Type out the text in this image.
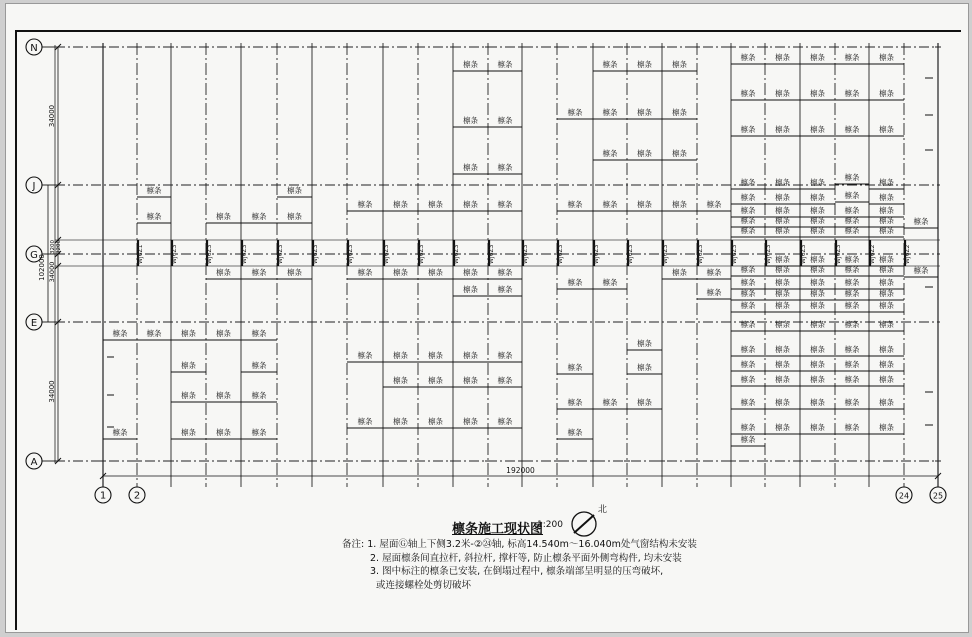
WJ6Z1	WJ6Z3	WJ6Z3	WJ6Z3	WJ6Z3	WJ6Z3	WJ6Z3	WJ6Z3	WJ6Z3	WJ6Z3	WJ6Z3	WJ6Z3	WJ6Z3	WJ6Z3	WJ6Z3	WJ6Z3	WJ6Z3	WJ6Z3	WJ6Z3	WJ6Z3	WJ6Z3	WJ6Z2	WJ6Z2
檩条
檩条
檩条
檩条
檩条	檩条
檩条
檩条
檩条
檩条
檩条
檩条
檩条
檩条
檩条
檩条
檩条
檩条
檩条
檩条
檩条
檩条
檩条
檩条
檩条
檩条
檩条
檩条
檩条
檩条
檩条
檩条
檩条
檩条
檩条
檩条
檩条
檩条
檩条
檩条
檩条
檩条
檩条
檩条
檩条
檩条
檩条
檩条
檩条
檩条
檩条
檩条
檩条
檩条
檩条
檩条
檩条
檩条
檩条
檩条
檩条
檩条
檩条
檩条
檩条
檩条
檩条
檩条
檩条
檩条
檩条
檩条
檩条
檩条
檩条
檩条
檩条
檩条
檩条
檩条
檩条
檩条
檩条
檩条
檩条
檩条
檩条
檩条
檩条
檩条
檩条
檩条
檩条
檩条
檩条
檩条
檩条
檩条
檩条
檩条
檩条
檩条
檩条
檩条
檩条
檩条
檩条
檩条
檩条
檩条
檩条
檩条
檩条
檩条
檩条
檩条
檩条
檩条
檩条
檩条
檩条
檩条
檩条
檩条
檩条
檩条
檩条
檩条
檩条
檩条
檩条
檩条
檩条
檩条
檩条
檩条
檩条
檩条
檩条
檩条
檩条
檩条
檩条
檩条
檩条
檩条
檩条
檩条
檩条
檩条
檩条
檩条
檩条
檩条
檩条
檩条
檩条
檩条
檩条
檩条
檩条
檩条
檩条
檩条
檩条
檩条
檩条
檩条
檩条
檩条
檩条
檩条
檩条
檩条
檩条
檩条
檩条
檩条
檩条
N
J
G
E
A
1	2	24	25
34000
3200 3200
34000
102000
34000
192000
北
檩条施工现状图
1:200
备注: 1. 屋面Ⓖ轴上下侧3.2米-②㉔轴, 标高14.540m～16.040m处气窗结构未安装
2. 屋面檩条间直拉杆, 斜拉杆, 撑杆等, 防止檩条平面外侧弯构件, 均未安装
3. 图中标注的檩条已安装, 在倒塌过程中, 檩条端部呈明显的压弯破坏,
或连接螺栓处剪切破坏
